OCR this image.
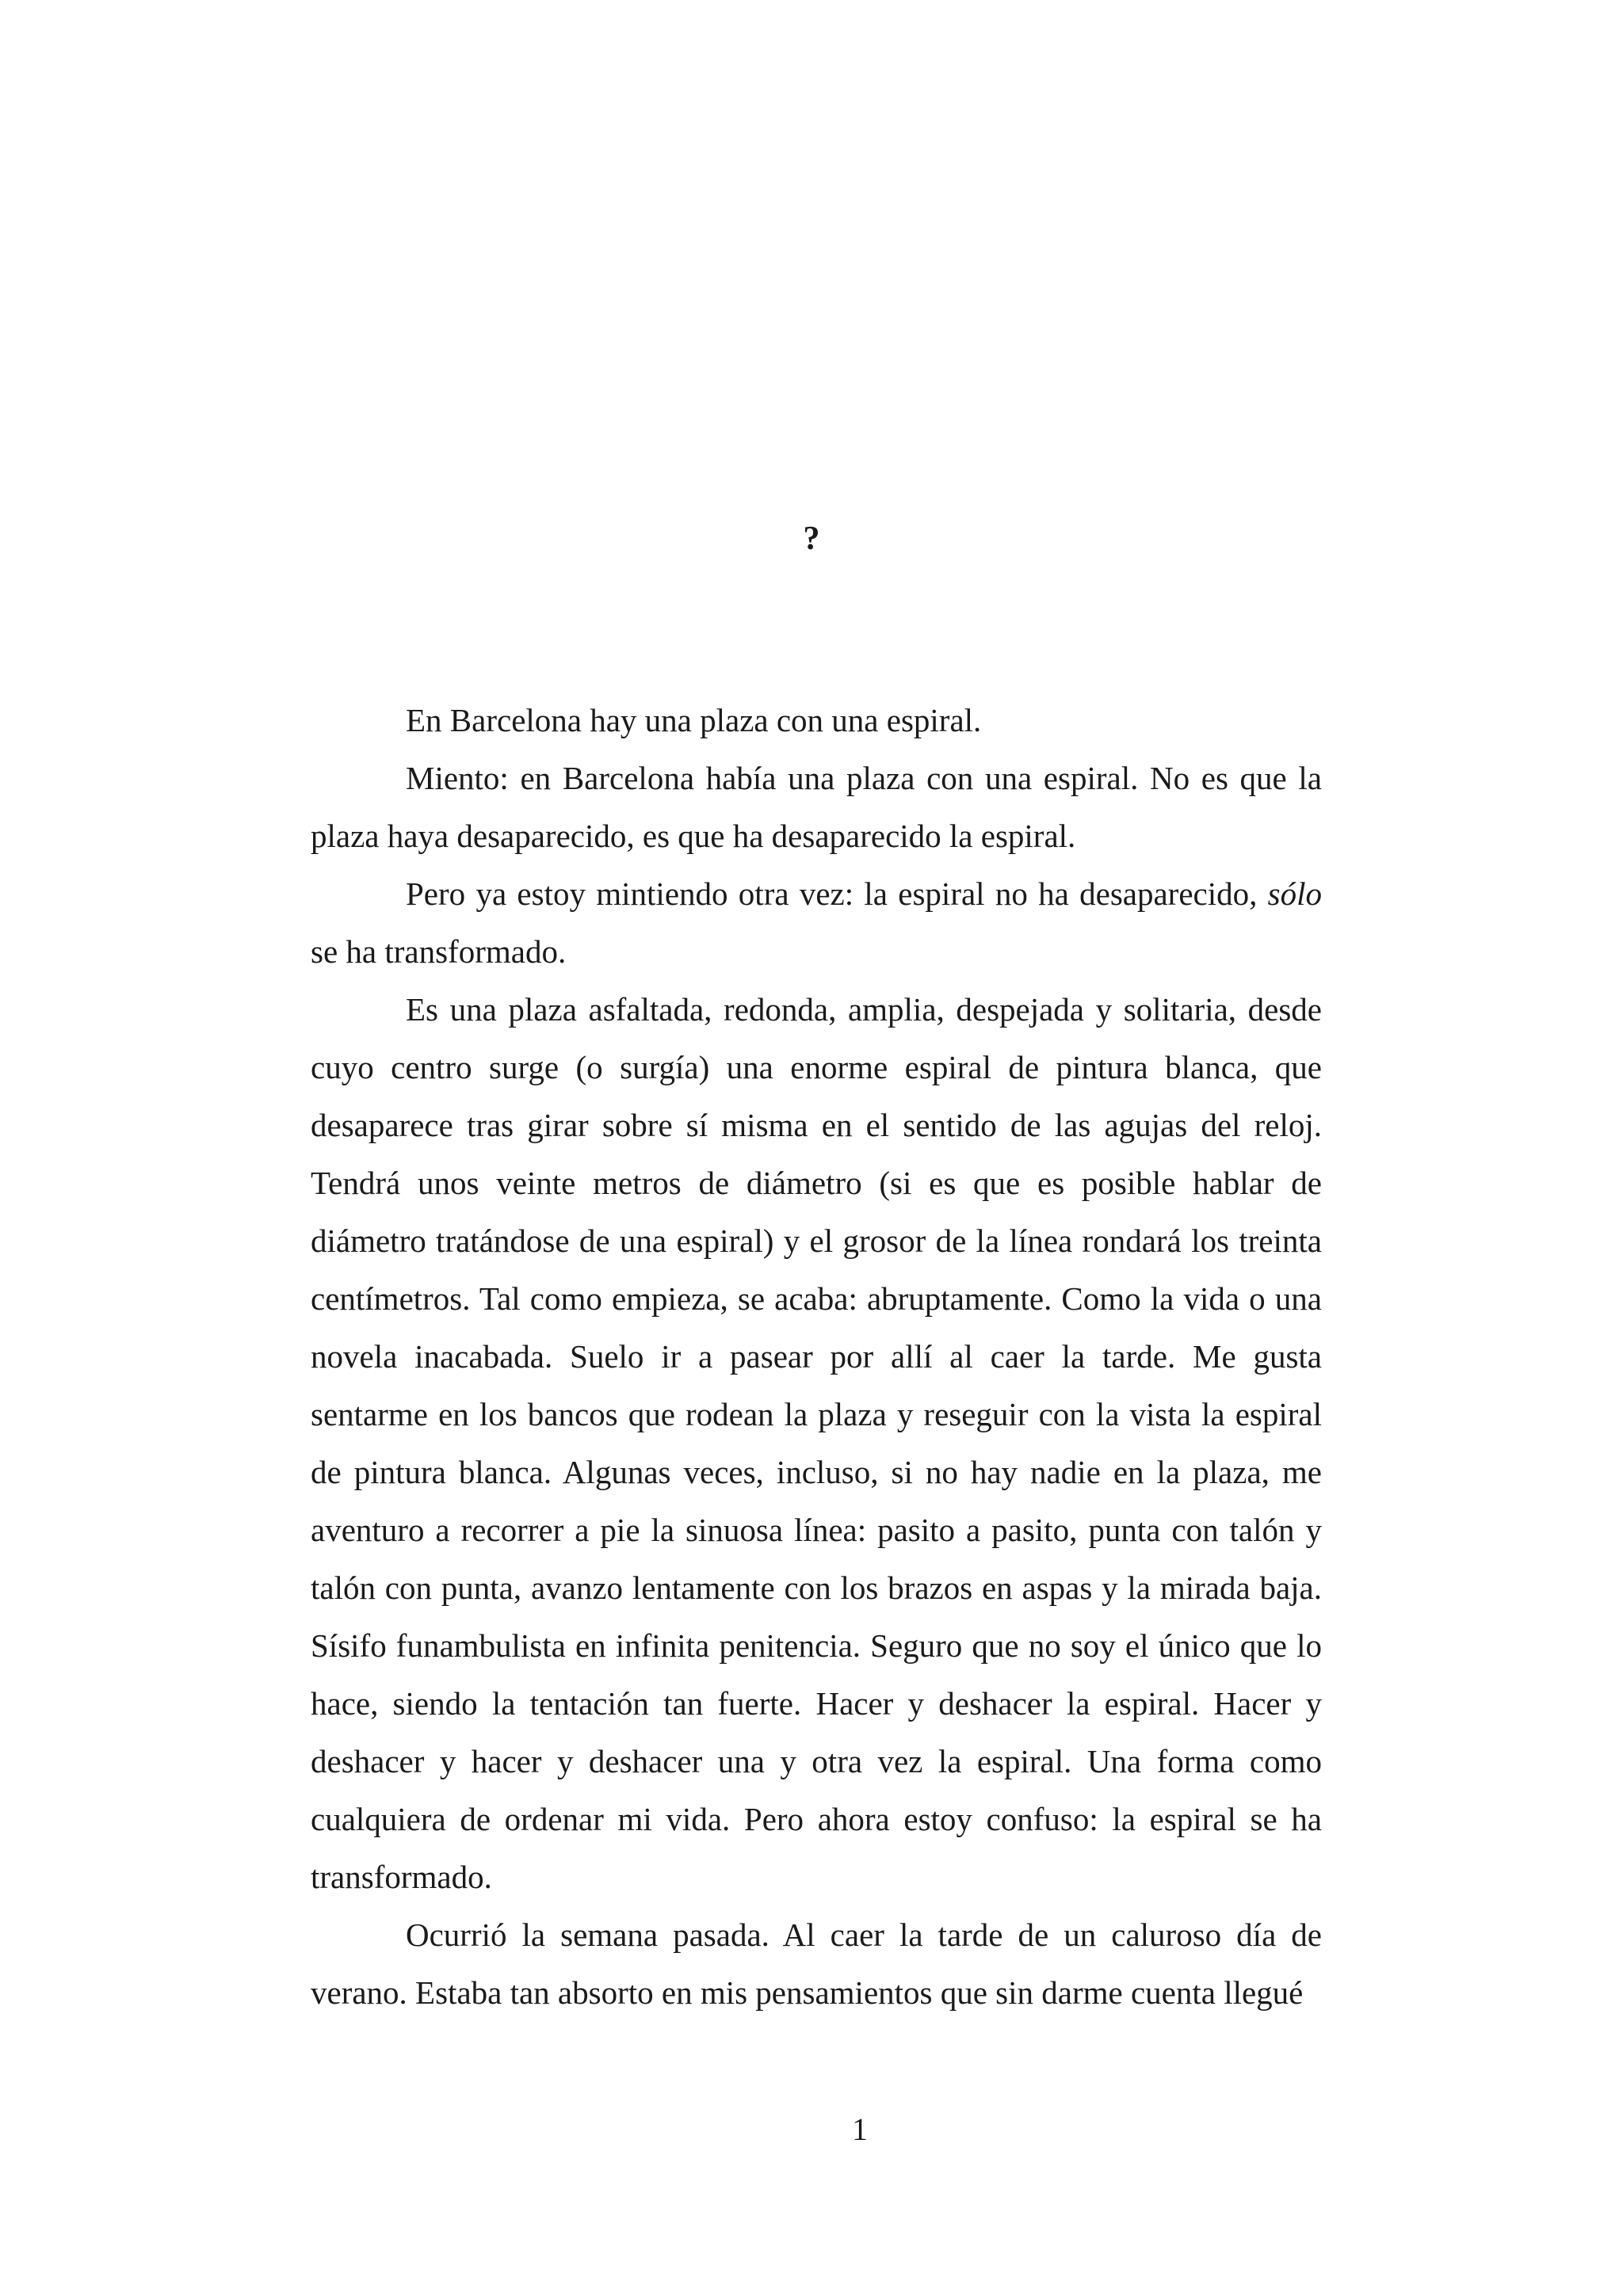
?

En Barcelona hay una plaza con una espiral.

Miento: en Barcelona había una plaza con una espiral. No es que la plaza haya desaparecido, es que ha desaparecido la espiral.

Pero ya estoy mintiendo otra vez: la espiral no ha desaparecido, sólo se ha transformado.

Es una plaza asfaltada, redonda, amplia, despejada y solitaria, desde cuyo centro surge (o surgía) una enorme espiral de pintura blanca, que desaparece tras girar sobre sí misma en el sentido de las agujas del reloj. Tendrá unos veinte metros de diámetro (si es que es posible hablar de diámetro tratándose de una espiral) y el grosor de la línea rondará los treinta centímetros. Tal como empieza, se acaba: abruptamente. Como la vida o una novela inacabada. Suelo ir a pasear por allí al caer la tarde. Me gusta sentarme en los bancos que rodean la plaza y reseguir con la vista la espiral de pintura blanca. Algunas veces, incluso, si no hay nadie en la plaza, me aventuro a recorrer a pie la sinuosa línea: pasito a pasito, punta con talón y talón con punta, avanzo lentamente con los brazos en aspas y la mirada baja. Sísifo funambulista en infinita penitencia. Seguro que no soy el único que lo hace, siendo la tentación tan fuerte. Hacer y deshacer la espiral. Hacer y deshacer y hacer y deshacer una y otra vez la espiral. Una forma como cualquiera de ordenar mi vida. Pero ahora estoy confuso: la espiral se ha transformado.

Ocurrió la semana pasada. Al caer la tarde de un caluroso día de verano. Estaba tan absorto en mis pensamientos que sin darme cuenta llegué

1
